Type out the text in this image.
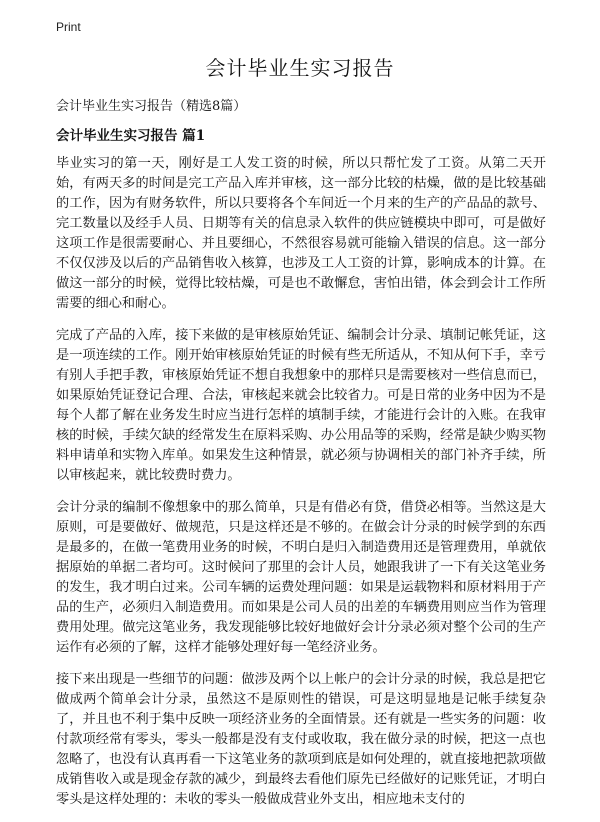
Print
会计毕业生实习报告

会计毕业生实习报告（精选8篇）

会计毕业生实习报告 篇1

毕业实习的第一天，刚好是工人发工资的时候，所以只帮忙发了工资。从第二天开始，有两天多的时间是完工产品入库并审核，这一部分比较的枯燥，做的是比较基础的工作，因为有财务软件，所以只要将各个车间近一个月来的生产的产品品的款号、完工数量以及经手人员、日期等有关的信息录入软件的供应链模块中即可，可是做好这项工作是很需要耐心、并且要细心，不然很容易就可能输入错误的信息。这一部分不仅仅涉及以后的产品销售收入核算，也涉及工人工资的计算，影响成本的计算。在做这一部分的时候，觉得比较枯燥，可是也不敢懈怠，害怕出错，体会到会计工作所需要的细心和耐心。

完成了产品的入库，接下来做的是审核原始凭证、编制会计分录、填制记帐凭证，这是一项连续的工作。刚开始审核原始凭证的时候有些无所适从，不知从何下手，幸亏有别人手把手教，审核原始凭证不想自我想象中的那样只是需要核对一些信息而已，如果原始凭证登记合理、合法，审核起来就会比较省力。可是日常的业务中因为不是每个人都了解在业务发生时应当进行怎样的填制手续，才能进行会计的入账。在我审核的时候，手续欠缺的经常发生在原料采购、办公用品等的采购，经常是缺少购买物料申请单和实物入库单。如果发生这种情景，就必须与协调相关的部门补齐手续，所以审核起来，就比较费时费力。

会计分录的编制不像想象中的那么简单，只是有借必有贷，借贷必相等。当然这是大原则，可是要做好、做规范，只是这样还是不够的。在做会计分录的时候学到的东西是最多的，在做一笔费用业务的时候，不明白是归入制造费用还是管理费用，单就依据原始的单据二者均可。这时候问了那里的会计人员，她跟我讲了一下有关这笔业务的发生，我才明白过来。公司车辆的运费处理问题：如果是运载物料和原材料用于产品的生产，必须归入制造费用。而如果是公司人员的出差的车辆费用则应当作为管理费用处理。做完这笔业务，我发现能够比较好地做好会计分录必须对整个公司的生产运作有必须的了解，这样才能够处理好每一笔经济业务。

接下来出现是一些细节的问题：做涉及两个以上帐户的会计分录的时候，我总是把它做成两个简单会计分录，虽然这不是原则性的错误，可是这明显地是记帐手续复杂了，并且也不利于集中反映一项经济业务的全面情景。还有就是一些实务的问题：收付款项经常有零头，零头一般都是没有支付或收取，我在做分录的时候，把这一点也忽略了，也没有认真再看一下这笔业务的款项到底是如何处理的，就直接地把款项做成销售收入或是现金存款的减少，到最终去看他们原先已经做好的记账凭证，才明白零头是这样处理的：未收的零头一般做成营业外支出，相应地未支付的
